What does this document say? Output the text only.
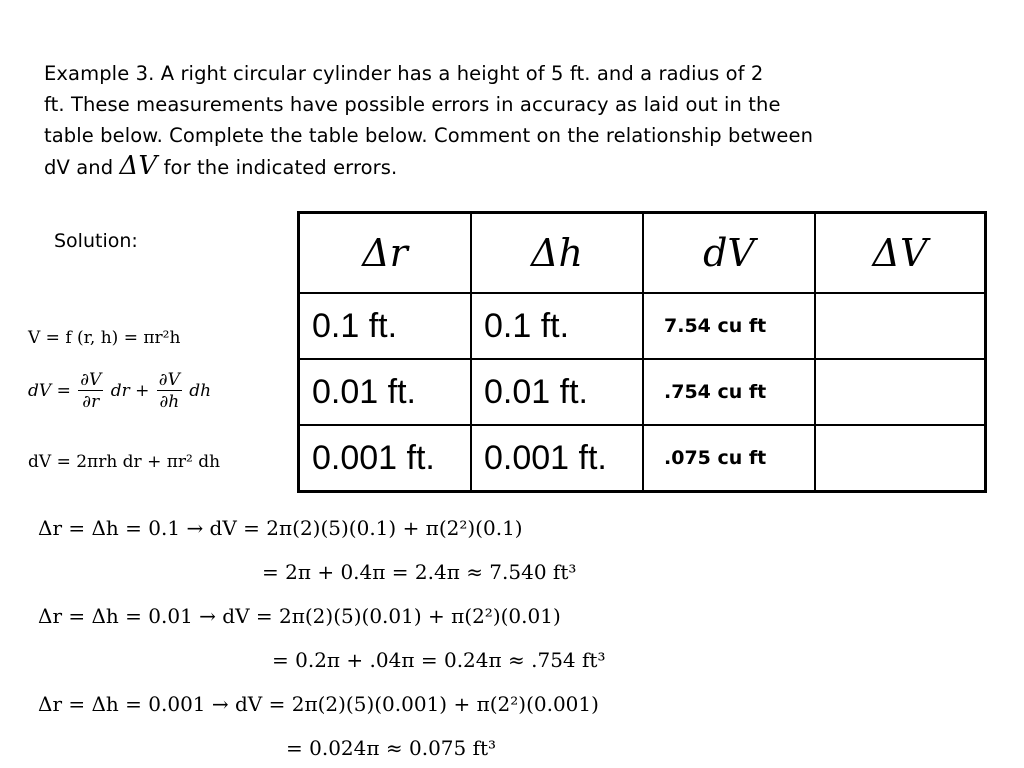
Example 3. A right circular cylinder has a height of 5 ft. and a radius of 2
ft. These measurements have possible errors in accuracy as laid out in the
table below. Complete the table below. Comment on the relationship between
dV and ΔV for the indicated errors.
Solution:
V = f (r, h) = πr²h
dV = $\frac{\partial V}{\partial r}$ dr + $\frac{\partial V}{\partial h}$ dh
dV = 2πrh dr + πr² dh
Δr	Δh	dV	ΔV
0.1 ft.	0.1 ft.	7.54 cu ft	
0.01 ft.	0.01 ft.	.754 cu ft	
0.001 ft.	0.001 ft.	.075 cu ft	
Δr = Δh = 0.1 → dV = 2π(2)(5)(0.1) + π(2²)(0.1)
= 2π + 0.4π = 2.4π ≈ 7.540 ft³
Δr = Δh = 0.01 → dV = 2π(2)(5)(0.01) + π(2²)(0.01)
= 0.2π + .04π = 0.24π ≈ .754 ft³
Δr = Δh = 0.001 → dV = 2π(2)(5)(0.001) + π(2²)(0.001)
= 0.024π ≈ 0.075 ft³
